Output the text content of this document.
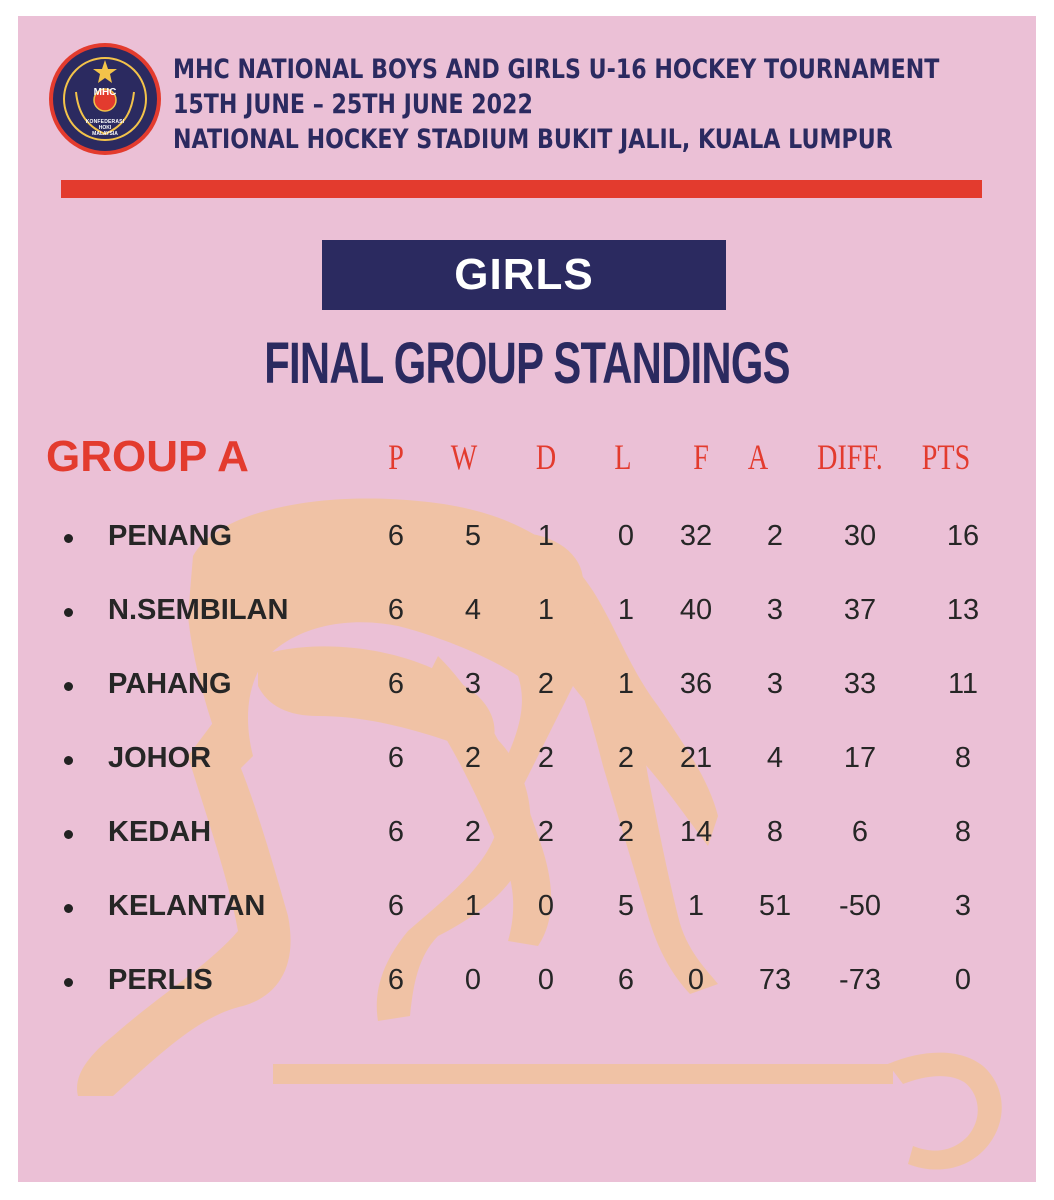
MHC
KONFEDERASI
HOKI
MALAYSIA
MHC NATIONAL BOYS AND GIRLS U-16 HOCKEY TOURNAMENT
15TH JUNE – 25TH JUNE 2022
NATIONAL HOCKEY STADIUM BUKIT JALIL, KUALA LUMPUR
GIRLS
FINAL GROUP STANDINGS
GROUP A	P	W	D	L	F	A	DIFF.	PTS
PENANG	6	5	1	0	32	2	30	16
N.SEMBILAN	6	4	1	1	40	3	37	13
PAHANG	6	3	2	1	36	3	33	11
JOHOR	6	2	2	2	21	4	17	8
KEDAH	6	2	2	2	14	8	6	8
KELANTAN	6	1	0	5	1	51	-50	3
PERLIS	6	0	0	6	0	73	-73	0
